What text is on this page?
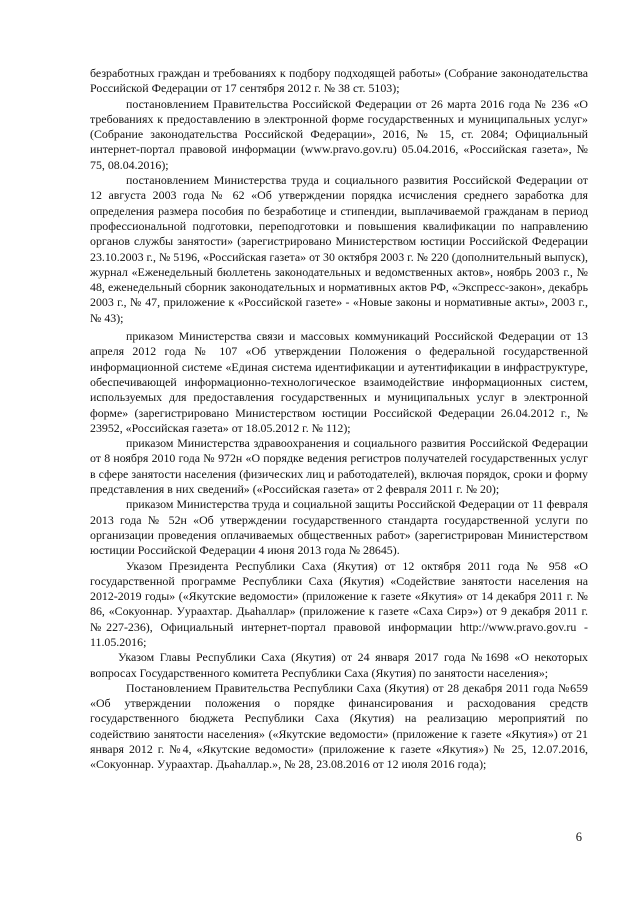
безработных граждан и требованиях к подбору подходящей работы» (Собрание законодательства Российской Федерации от 17 сентября 2012 г. № 38 ст. 5103);

постановлением Правительства Российской Федерации от 26 марта 2016 года № 236 «О требованиях к предоставлению в электронной форме государственных и муниципальных услуг» (Собрание законодательства Российской Федерации», 2016, № 15, ст. 2084; Официальный интернет-портал правовой информации (www.pravo.gov.ru) 05.04.2016, «Российская газета», № 75, 08.04.2016);

постановлением Министерства труда и социального развития Российской Федерации от 12 августа 2003 года № 62 «Об утверждении порядка исчисления среднего заработка для определения размера пособия по безработице и стипендии, выплачиваемой гражданам в период профессиональной подготовки, переподготовки и повышения квалификации по направлению органов службы занятости» (зарегистрировано Министерством юстиции Российской Федерации 23.10.2003 г., № 5196, «Российская газета» от 30 октября 2003 г. № 220 (дополнительный выпуск), журнал «Еженедельный бюллетень законодательных и ведомственных актов», ноябрь 2003 г., № 48, еженедельный сборник законодательных и нормативных актов РФ, «Экспресс-закон», декабрь 2003 г., № 47, приложение к «Российской газете» - «Новые законы и нормативные акты», 2003 г., № 43);

приказом Министерства связи и массовых коммуникаций Российской Федерации от 13 апреля 2012 года № 107 «Об утверждении Положения о федеральной государственной информационной системе «Единая система идентификации и аутентификации в инфраструктуре, обеспечивающей информационно-технологическое взаимодействие информационных систем, используемых для предоставления государственных и муниципальных услуг в электронной форме» (зарегистрировано Министерством юстиции Российской Федерации 26.04.2012 г., № 23952, «Российская газета» от 18.05.2012 г. № 112);

приказом Министерства здравоохранения и социального развития Российской Федерации от 8 ноября 2010 года № 972н «О порядке ведения регистров получателей государственных услуг в сфере занятости населения (физических лиц и работодателей), включая порядок, сроки и форму представления в них сведений» («Российская газета» от 2 февраля 2011 г. № 20);

приказом Министерства труда и социальной защиты Российской Федерации от 11 февраля 2013 года № 52н «Об утверждении государственного стандарта государственной услуги по организации проведения оплачиваемых общественных работ» (зарегистрирован Министерством юстиции Российской Федерации 4 июня 2013 года № 28645).

Указом Президента Республики Саха (Якутия) от 12 октября 2011 года № 958 «О государственной программе Республики Саха (Якутия) «Содействие занятости населения на 2012-2019 годы» («Якутские ведомости» (приложение к газете «Якутия» от 14 декабря 2011 г. № 86, «Сокуоннар. Уураахтар. Дьаһаллар» (приложение к газете «Саха Сирэ») от 9 декабря 2011 г. №227-236), Официальный интернет-портал правовой информации http://www.pravo.gov.ru - 11.05.2016;

Указом Главы Республики Саха (Якутия) от 24 января 2017 года №1698 «О некоторых вопросах Государственного комитета Республики Саха (Якутия) по занятости населения»;

Постановлением Правительства Республики Саха (Якутия) от 28 декабря 2011 года №659 «Об утверждении положения о порядке финансирования и расходования средств государственного бюджета Республики Саха (Якутия) на реализацию мероприятий по содействию занятости населения» («Якутские ведомости» (приложение к газете «Якутия») от 21 января 2012 г. №4, «Якутские ведомости» (приложение к газете «Якутия») № 25, 12.07.2016, «Сокуоннар. Уураахтар. Дьаһаллар.», № 28, 23.08.2016 от 12 июля 2016 года);

6
